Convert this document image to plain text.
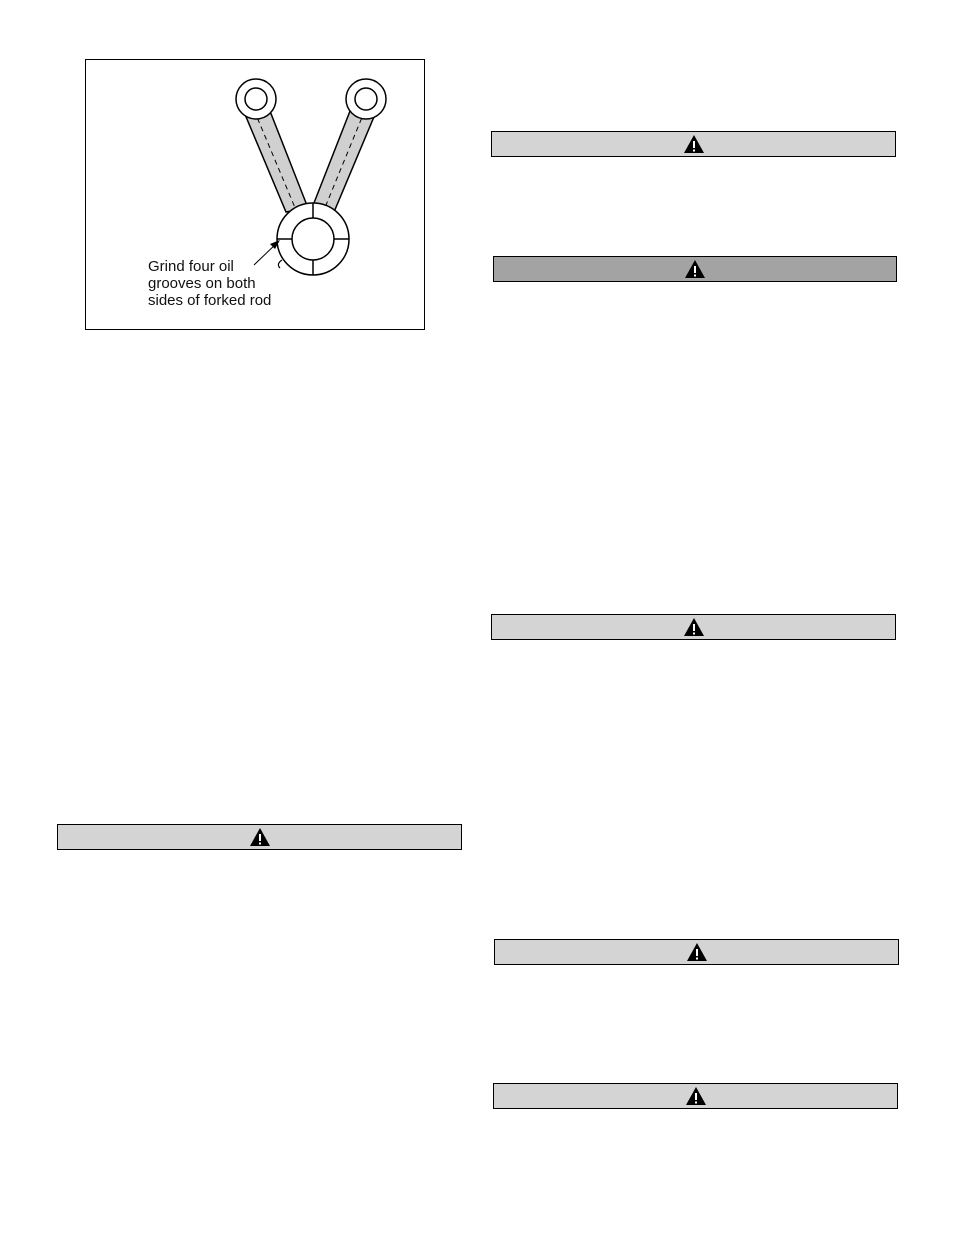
Grind four oil
grooves on both
sides of forked rod
